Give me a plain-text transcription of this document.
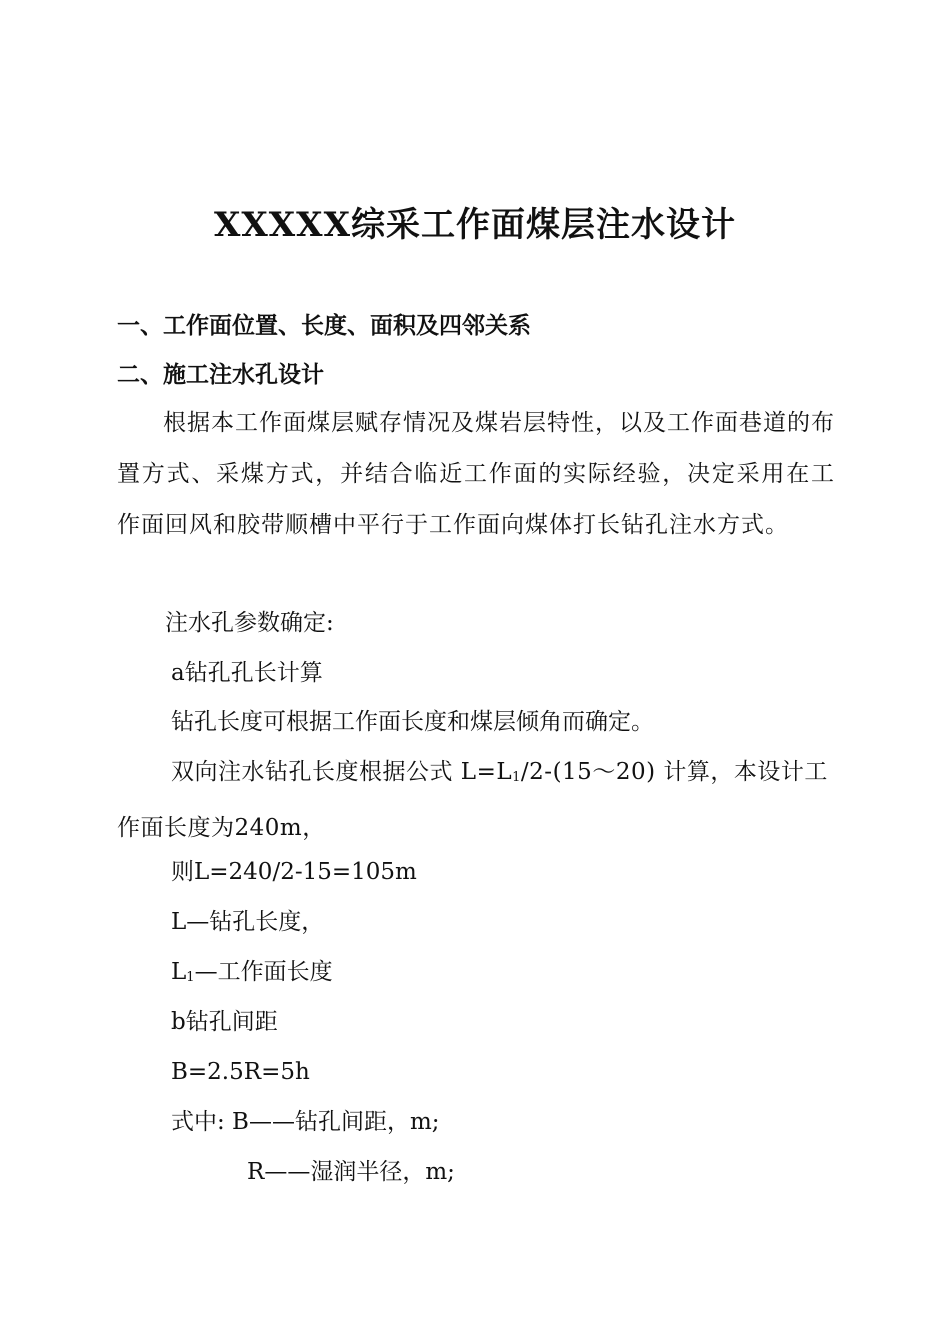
XXXXX综采工作面煤层注水设计
一、工作面位置、长度、面积及四邻关系
二、施工注水孔设计
根据本工作面煤层赋存情况及煤岩层特性，以及工作面巷道的布置方式、采煤方式，并结合临近工作面的实际经验，决定采用在工作面回风和胶带顺槽中平行于工作面向煤体打长钻孔注水方式。
注水孔参数确定:
a钻孔孔长计算
钻孔长度可根据工作面长度和煤层倾角而确定。
双向注水钻孔长度根据公式 $L=L_1/2-(15\sim 20)$ 计算，本设计工作面长度为240m，
则L=240/2-15=105m
L—钻孔长度，
$L_1—$工作面长度
b钻孔间距
B=2.5R=5h
式中: B——钻孔间距，m;
R——湿润半径，m;
